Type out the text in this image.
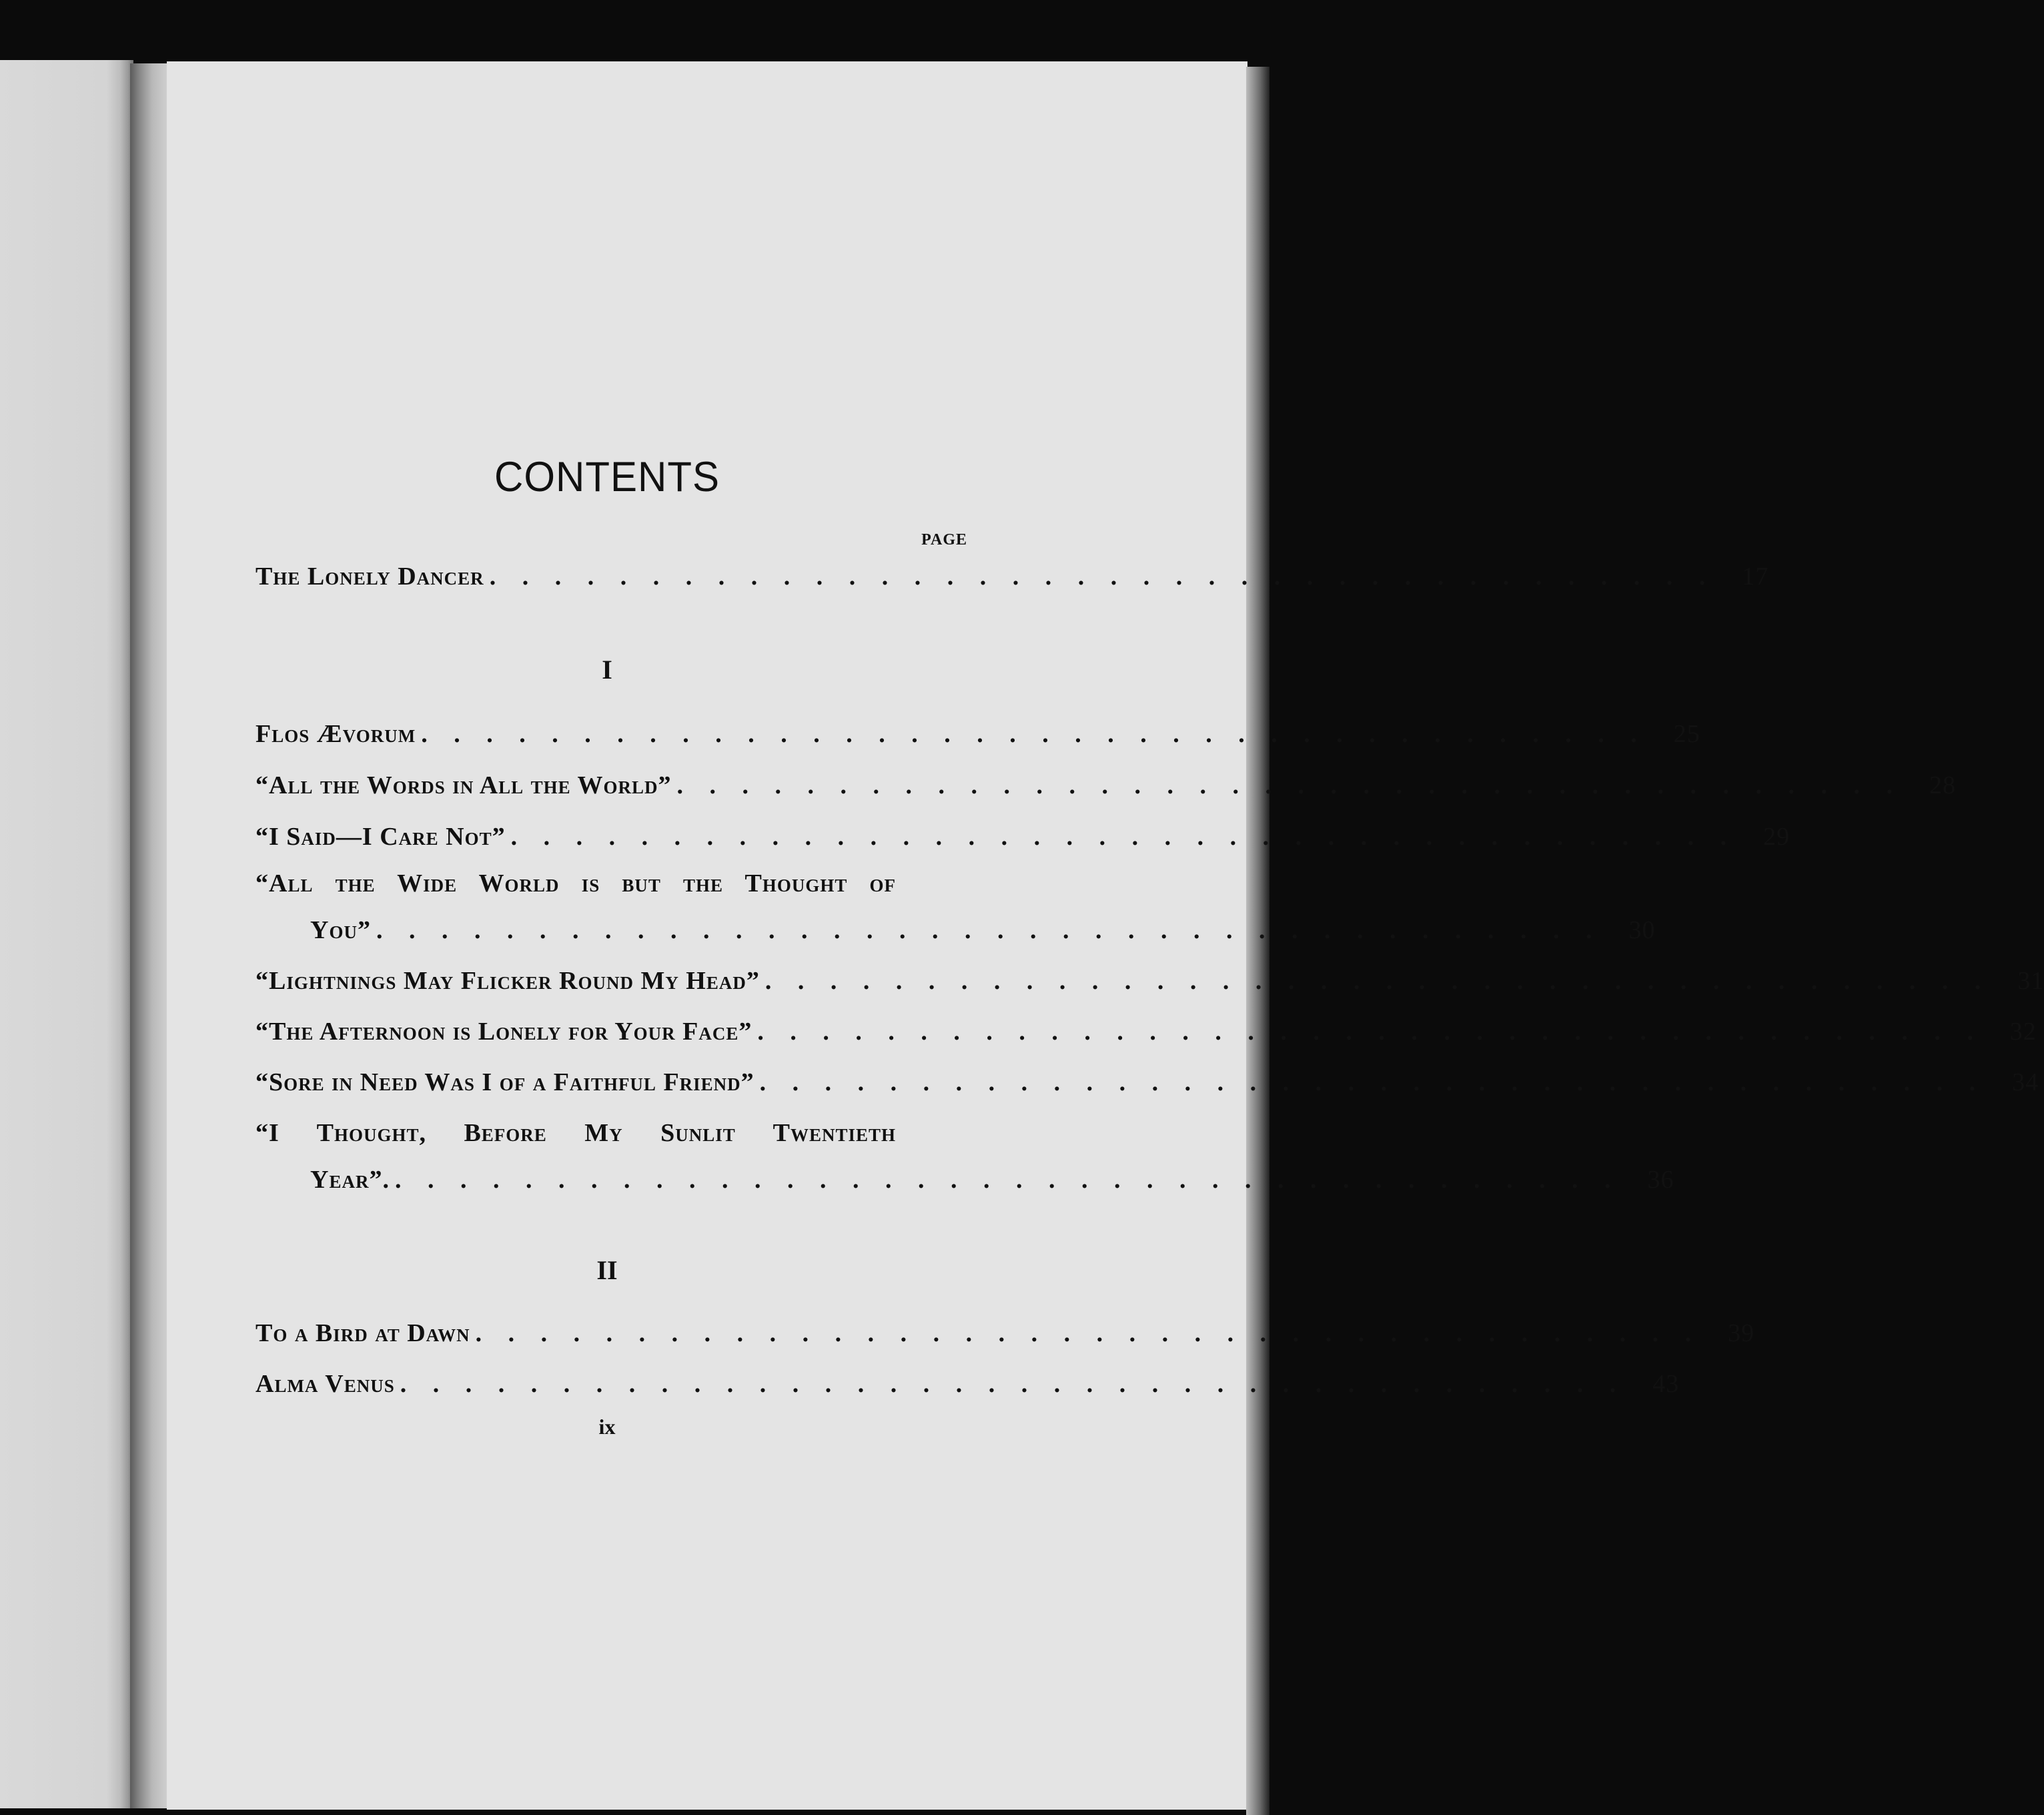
CONTENTS
PAGE
The Lonely Dancer . . . . . . . . . . . . . . . . . . . . . . . . . . . . . . . . . . . . . . 17
I
Flos Ævorum . . . . . . . . . . . . . . . . . . . . . . . . . . . . . . . . . . . . . . 25
“All the Words in All the World” . . . . . . . . . . . . . . . . . . . . . . . . . . . . . . . . . . . . . . 28
“I Said—I Care Not” . . . . . . . . . . . . . . . . . . . . . . . . . . . . . . . . . . . . . . 29
“All the Wide World is but the Thought of
You” . . . . . . . . . . . . . . . . . . . . . . . . . . . . . . . . . . . . . . 30
“Lightnings May Flicker Round My Head” . . . . . . . . . . . . . . . . . . . . . . . . . . . . . . . . . . . . . . 31
“The Afternoon is Lonely for Your Face” . . . . . . . . . . . . . . . . . . . . . . . . . . . . . . . . . . . . . . 32
“Sore in Need Was I of a Faithful Friend” . . . . . . . . . . . . . . . . . . . . . . . . . . . . . . . . . . . . . . 34
“I Thought, Before My Sunlit Twentieth
Year”. . . . . . . . . . . . . . . . . . . . . . . . . . . . . . . . . . . . . . . 36
II
To a Bird at Dawn . . . . . . . . . . . . . . . . . . . . . . . . . . . . . . . . . . . . . . 39
Alma Venus . . . . . . . . . . . . . . . . . . . . . . . . . . . . . . . . . . . . . . 43
ix
